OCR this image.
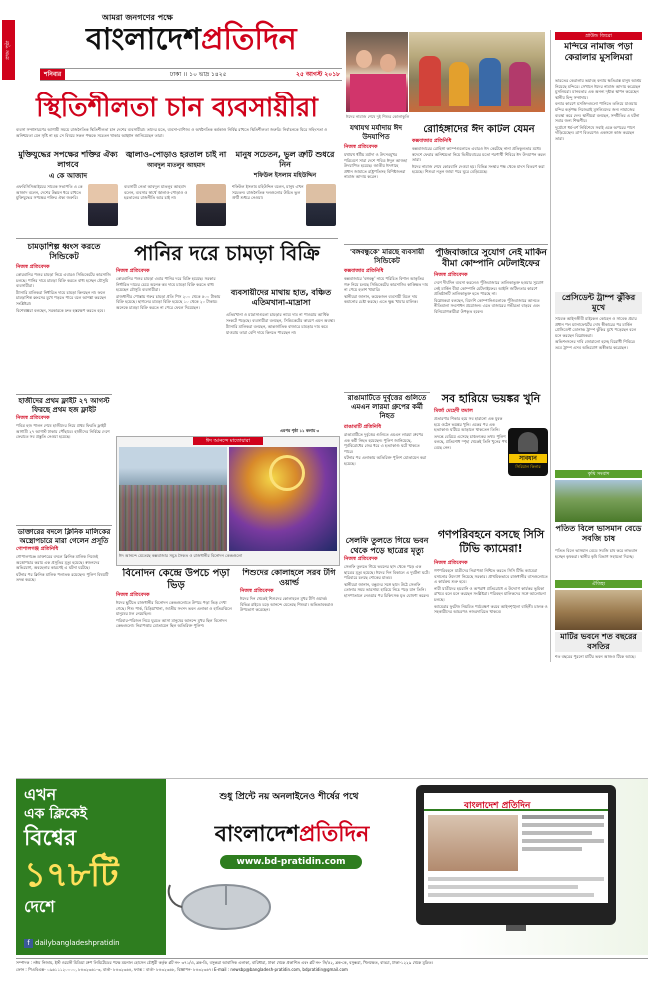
প্রথম পৃষ্ঠা
আমরা জনগণের পক্ষে
বাংলাদেশপ্রতিদিন
শনিবার	ঢাকা ।। ১০ ভাদ্র ১৪২৫	২৫ আগস্ট ২০১৮
ঈদের নামাজ শেষে দুই শিশুর কোলাকুলি
গ্রাউন্ড জিরো
মন্দিরে নামাজ পড়া কেরালার মুসলিমরা

ভারতের কেরালায় ভয়াবহ বন্যায় ক্ষতিগ্রস্ত মানুষ আশ্রয় নিয়েছে মন্দিরে। সেখানে ঈদের নামাজ আদায় করেছেন মুসলিমরা। মানবতার এক অনন্য দৃষ্টান্ত স্থাপন করেছেন স্থানীয় হিন্দু সম্প্রদায়।

বন্যার কারণে মসজিদগুলো পানিতে তলিয়ে যাওয়ায় মন্দির কর্তৃপক্ষ নিজেরাই মুসলিমদের জন্য নামাজের ব্যবস্থা করে দেন। স্থানীয়রা বলছেন, সম্প্রীতির এ ঘটনা সবার জন্য শিক্ষণীয়।

দুর্যোগে ধর্ম-বর্ণ নির্বিশেষে সবাই একে অপরের পাশে দাঁড়িয়েছেন। ত্রাণ বিতরণেও একসঙ্গে কাজ করছেন তারা।

প্রেসিডেন্ট ট্রাম্প ঝুঁকির মুখে

সাবেক আইনজীবী মাইকেল কোহেন ও সাবেক প্রচার প্রধান পল ম্যানাফোর্টের দোষ স্বীকারের পর মার্কিন প্রেসিডেন্ট ডোনাল্ড ট্রাম্প ঝুঁকির মুখে পড়েছেন বলে মনে করছেন বিশ্লেষকরা।

অভিশংসনের দাবি জোরালো হচ্ছে বিরোধী শিবিরে। তবে ট্রাম্প এসব অভিযোগ অস্বীকার করেছেন।

কৃষি সংবাদ
পতিত বিলে ভাসমান বেডে সবজি চাষ

পতিত বিলে ভাসমান বেডে সবজি চাষ করে লাভবান হচ্ছেন কৃষকরা। স্থানীয় কৃষি বিভাগ সহায়তা দিচ্ছে।

ঐতিহ্য
মাটির ভবনে শত বছরের বসতির

শত বছরের পুরনো মাটির ভবন আজও টিকে আছে।

স্থিতিশীলতা চান ব্যবসায়ীরা
ব্যবসা সম্প্রসারণের আগামী সময়ে রাজনৈতিক স্থিতিশীলতা চান দেশের ব্যবসায়ীরা। তাদের মতে, ব্যবসা-বাণিজ্য ও অর্থনৈতিক কর্মকাণ্ড নির্বিঘ্ন রাখতে স্থিতিশীলতা জরুরি। নির্বাচনকে ঘিরে সহিংসতা ও অনিশ্চয়তা যেন সৃষ্টি না হয় সে বিষয়ে সকল পক্ষকে সচেতন থাকার আহ্বান জানিয়েছেন তারা।
মুক্তিযুদ্ধের সপক্ষের শক্তির ঐক্য লাগবে
এ কে আজাদ

এফবিসিসিআইয়ের সাবেক সভাপতি এ কে আজাদ বলেন, দেশের উন্নয়ন ধরে রাখতে মুক্তিযুদ্ধের সপক্ষের শক্তির ঐক্য জরুরি।

জ্বালাও-পোড়াও হরতাল চাই না
আবদুল মাতলুব আহমাদ

ব্যবসায়ী নেতা আবদুল মাতলুব আহমাদ বলেন, ব্যবসার স্বার্থে জ্বালাও-পোড়াও ও হরতালের রাজনীতি আর চাই না।

মানুষ সচেতন, ভুল ত্রুটি শুধরে নিন
শফিউল ইসলাম মহিউদ্দিন

শফিউল ইসলাম মহিউদ্দিন বলেন, মানুষ এখন সচেতন। রাজনৈতিক দলগুলোর উচিত ভুল ত্রুটি শুধরে নেওয়া।

চামড়াশিল্প ধ্বংস করতে সিন্ডিকেট
নিজস্ব প্রতিবেদক

কোরবানির পশুর চামড়া নিয়ে এবারও সিন্ডিকেটের কারসাজি চলছে। পানির দামে চামড়া বিক্রি করতে বাধ্য হচ্ছেন মৌসুমি ব্যবসায়ীরা।

ট্যানারি মালিকরা নির্ধারিত দামে চামড়া কিনছেন না। ফলে চামড়াশিল্প ধ্বংসের মুখে পড়তে পারে বলে আশঙ্কা করছেন সংশ্লিষ্টরা।

বিশেষজ্ঞরা বলছেন, সরকারকে দ্রুত হস্তক্ষেপ করতে হবে।

হাজীদের প্রথম ফ্লাইট ২৭ আগস্ট ফিরছে প্রথম হজ ফ্লাইট
নিজস্ব প্রতিবেদক

পবিত্র হজ পালন শেষে হাজীদের নিয়ে প্রথম ফিরতি ফ্লাইট আগামী ২৭ আগস্ট ঢাকায় পৌঁছাবে। হাজীদের নির্বিঘ্নে দেশে ফেরাতে সব প্রস্তুতি নেওয়া হয়েছে।

ডাক্তারের বদলে ক্লিনিক মালিকের অস্ত্রোপচারে মারা গেলেন প্রসূতি
গোপালগঞ্জ প্রতিনিধি

গোপালগঞ্জে ডাক্তারের বদলে ক্লিনিক মালিক নিজেই অস্ত্রোপচার করায় এক প্রসূতির মৃত্যু হয়েছে। স্বজনদের অভিযোগ, অবহেলার কারণেই এ ঘটনা ঘটেছে।

ঘটনার পর ক্লিনিক মালিক পলাতক রয়েছেন। পুলিশ বিষয়টি তদন্ত করছে।

পানির দরে চামড়া বিক্রি
নিজস্ব প্রতিবেদক

কোরবানির পশুর চামড়া এবার পানির দরে বিক্রি হয়েছে। সরকার নির্ধারিত দামের চেয়ে অনেক কম দামে চামড়া বিক্রি করতে বাধ্য হয়েছেন মৌসুমি ব্যবসায়ীরা।

রাজধানীর পোস্তায় গরুর চামড়া প্রতি পিস ২০০ থেকে ৫০০ টাকায় বিক্রি হয়েছে। ছাগলের চামড়া বিক্রি হয়েছে ১০ থেকে ২০ টাকায়। অনেকে চামড়া বিক্রি করতে না পেরে ফেলে দিয়েছেন।

ব্যবসায়ীদের মাথায় হাত, বঞ্চিত এতিমখানা-মাদ্রাসা

এতিমখানা ও মাদ্রাসাগুলো চামড়ার ন্যায্য দাম না পাওয়ায় আর্থিক সংকটে পড়েছে। ব্যবসায়ীরা বলছেন, সিন্ডিকেটের কারণে এমন অবস্থা।

ট্যানারি মালিকরা বলছেন, আন্তর্জাতিক বাজারে চামড়ার দাম কমে যাওয়ায় তারা বেশি দামে কিনতে পারছেন না।

এরপর পৃষ্ঠা ১১ কলাম ৩
ঈদ আনন্দে মাতোয়ারা
ঈদ আনন্দে মেতেছে কক্সবাজার সমুদ্র সৈকত ও রাজধানীর বিনোদন কেন্দ্রগুলো
বিনোদন কেন্দ্রে উপচে পড়া ভিড়
নিজস্ব প্রতিবেদক

ঈদের ছুটিতে রাজধানীর বিনোদন কেন্দ্রগুলোতে উপচে পড়া ভিড় দেখা গেছে। শিশু পার্ক, চিড়িয়াখানা, জাতীয় সংসদ ভবন এলাকা ও হাতিরঝিলে মানুষের ঢল নেমেছিল।

পরিবার-পরিজন নিয়ে ঘুরতে আসা মানুষের আনন্দে মুখর ছিল বিনোদন কেন্দ্রগুলো। নিরাপত্তায় মোতায়েন ছিল অতিরিক্ত পুলিশ।

শিশুদের কোলাহলে সরব টগি ওয়ার্ল্ড
নিজস্ব প্রতিবেদক

ঈদের দিন থেকেই শিশুদের কোলাহলে মুখর টগি ওয়ার্ল্ড। বিভিন্ন রাইডে চড়ে আনন্দে মেতেছে শিশুরা। অভিভাবকরাও উপভোগ করেছেন।

যথাযথ মর্যাদায় ঈদ উদযাপিত
নিজস্ব প্রতিবেদক

যথাযথ ধর্মীয় মর্যাদা ও উৎসবমুখর পরিবেশে সারা দেশে পবিত্র ঈদুল আজহা উদযাপিত হয়েছে। জাতীয় ঈদগাহে প্রধান জামাতে রাষ্ট্রপতিসহ বিশিষ্টজনরা নামাজ আদায় করেন।

রোহিঙ্গাদের ঈদ কাটল যেমন
কক্সবাজার প্রতিনিধি

কক্সবাজারের রোহিঙ্গা ক্যাম্পগুলোতে এবারও ঈদ কেটেছে নানা প্রতিকূলতার মধ্যে। স্বদেশে ফেরার অনিশ্চয়তা নিয়ে দ্বিতীয়বারের মতো শরণার্থী শিবিরে ঈদ উদযাপন করল তারা।

ঈদের নামাজ শেষে কোরবানি দেওয়া হয়। বিভিন্ন সংস্থার পক্ষ থেকে মাংস বিতরণ করা হয়েছে। শিশুরা নতুন জামা পরে ঘুরে বেড়িয়েছে।

'বঙ্গবন্ধুকে' মারছে ব্যবসায়ী সিন্ডিকেট
কক্সবাজার প্রতিনিধি

কক্সবাজারে 'বঙ্গবন্ধু' নামে পরিচিত বিশাল আকৃতির গরু নিয়ে চলছে সিন্ডিকেটের কারসাজি। কাঙ্ক্ষিত দাম না পেয়ে হতাশ খামারি।

স্থানীয়রা জানান, কয়েকজন ব্যবসায়ী মিলে দাম কমানোর চেষ্টা করছে। এতে ক্ষুব্ধ খামার মালিক।

পুঁজিবাজারে সুযোগ নেই মার্কিন বীমা কোম্পানি মেটলাইফের
নিজস্ব প্রতিবেদক

দেশে দীর্ঘদিন ব্যবসা করলেও পুঁজিবাজারে তালিকাভুক্ত হওয়ার সুযোগ নেই মার্কিন বীমা কোম্পানি মেটলাইফের। আইনি জটিলতার কারণে প্রতিষ্ঠানটি তালিকাভুক্ত হতে পারছে না।

বিশ্লেষকরা বলছেন, বিদেশি কোম্পানিগুলোকে পুঁজিবাজারে আনতে নীতিমালা সংশোধন প্রয়োজন। এতে বাজারের গভীরতা বাড়বে এবং বিনিয়োগকারীরা উপকৃত হবেন।

রাঙামাটিতে দুর্বৃত্তের গুলিতে এমএন লারমা গ্রুপের কর্মী নিহত
রাঙামাটি প্রতিনিধি

রাঙামাটিতে দুর্বৃত্তের গুলিতে এমএন লারমা গ্রুপের এক কর্মী নিহত হয়েছেন। পুলিশ জানিয়েছে, পূর্ববিরোধের জের ধরে এ হত্যাকাণ্ড ঘটে থাকতে পারে।

ঘটনার পর এলাকায় অতিরিক্ত পুলিশ মোতায়েন করা হয়েছে।

সব হারিয়ে ভয়ঙ্কর খুনি
মির্জা মেহেদী তমাল

প্রতারণার শিকার হয়ে সব হারানো এক যুবক হয়ে ওঠেন ভয়ঙ্কর খুনি। একের পর এক হত্যাকাণ্ড ঘটিয়ে আড়ালে থাকতেন তিনি।

তদন্তে বেরিয়ে এসেছে চাঞ্চল্যকর তথ্য। পুলিশ বলছে, প্রতিশোধ স্পৃহা থেকেই তিনি খুনের পথ বেছে নেন।

সাবধান
সিরিয়াল কিলার
সেলফি তুলতে গিয়ে ভবন থেকে পড়ে ছাত্রের মৃত্যু
নিজস্ব প্রতিবেদক

সেলফি তুলতে গিয়ে ভবনের ছাদ থেকে পড়ে এক ছাত্রের মৃত্যু হয়েছে। ঈদের দিন বিকালে এ দুর্ঘটনা ঘটে। পরিবারে চলছে শোকের মাতম।

স্থানীয়রা জানান, বন্ধুদের সঙ্গে ছাদে উঠে সেলফি তোলার সময় ভারসাম্য হারিয়ে নিচে পড়ে যান তিনি। হাসপাতালে নেওয়ার পর চিকিৎসক মৃত ঘোষণা করেন।

গণপরিবহনে বসছে সিসি টিভি ক্যামেরা!
নিজস্ব প্রতিবেদক

গণপরিবহনে যাত্রীদের নিরাপত্তা নিশ্চিত করতে সিসি টিভি ক্যামেরা বসানোর উদ্যোগ নিয়েছে সরকার। প্রাথমিকভাবে রাজধানীর বাসগুলোতে এ কার্যক্রম শুরু হবে।

নারী যাত্রীদের হয়রানি ও অপরাধ প্রতিরোধে এ উদ্যোগ কার্যকর ভূমিকা রাখবে বলে মনে করছেন সংশ্লিষ্টরা। পরিবহন মালিকদের সঙ্গে আলোচনা চলছে।

ক্যামেরার ফুটেজ নিয়মিত পর্যবেক্ষণ করবে আইনশৃঙ্খলা বাহিনী। চালক ও সহকারীদের আচরণও নজরদারিতে থাকবে।

এখন
এক ক্লিকেই
বিশ্বের
১৭৮টি
দেশে
f dailybangladeshpratidin
শুধু প্রিন্টে নয় অনলাইনেও শীর্ষের পথে
বাংলাদেশপ্রতিদিন
www.bd-pratidin.com
বাংলাদেশ প্রতিদিন
সম্পাদক : নঈম নিজাম, ইস্ট ওয়েস্ট মিডিয়া গ্রুপ লিমিটেডের পক্ষে ময়নাল হোসেন চৌধুরী কর্তৃক প্লট নং- ৩৭১/এ, ব্লক-ডি, বসুন্ধরা আবাসিক এলাকা, বারিধারা, ঢাকা থেকে প্রকাশিত এবং প্লট নং- সি/৫২, ব্লক-কে, বসুন্ধরা, খিলক্ষেত, বাড্ডা, ঢাকা-১২২৯ থেকে মুদ্রিত।
ফোন : পিএবিএক্স- ০৯৬১১১২০০০০, ৮৪৩২৩৬১-৩, বার্তা- ৮৪৩২৩৬৪, ফ্যাক্স : বার্তা- ৮৪৩২৩৬৮, বিজ্ঞাপন- ৮৪৩২৩৬৭। E-mail : newsbp@bangladesh-pratidin.com, bdpratidin@gmail.com
